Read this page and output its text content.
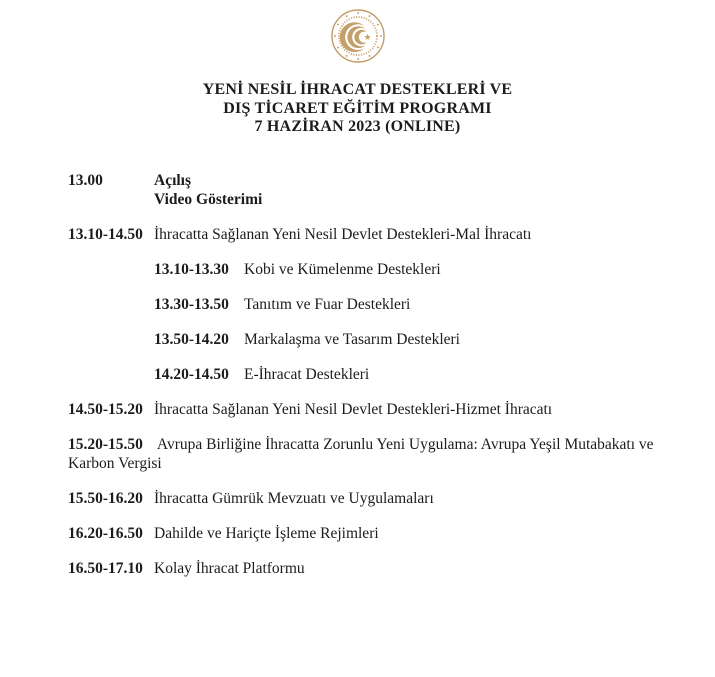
YENİ NESİL İHRACAT DESTEKLERİ VE
DIŞ TİCARET EĞİTİM PROGRAMI
7 HAZİRAN 2023 (ONLINE)
13.00	Açılış
Video Gösterimi
13.10-14.50 İhracatta Sağlanan Yeni Nesil Devlet Destekleri-Mal İhracatı
13.10-13.30 Kobi ve Kümelenme Destekleri
13.30-13.50 Tanıtım ve Fuar Destekleri
13.50-14.20 Markalaşma ve Tasarım Destekleri
14.20-14.50 E-İhracat Destekleri
14.50-15.20 İhracatta Sağlanan Yeni Nesil Devlet Destekleri-Hizmet İhracatı
15.20-15.50 Avrupa Birliğine İhracatta Zorunlu Yeni Uygulama: Avrupa Yeşil Mutabakatı ve Karbon Vergisi
15.50-16.20 İhracatta Gümrük Mevzuatı ve Uygulamaları
16.20-16.50 Dahilde ve Hariçte İşleme Rejimleri
16.50-17.10 Kolay İhracat Platformu
